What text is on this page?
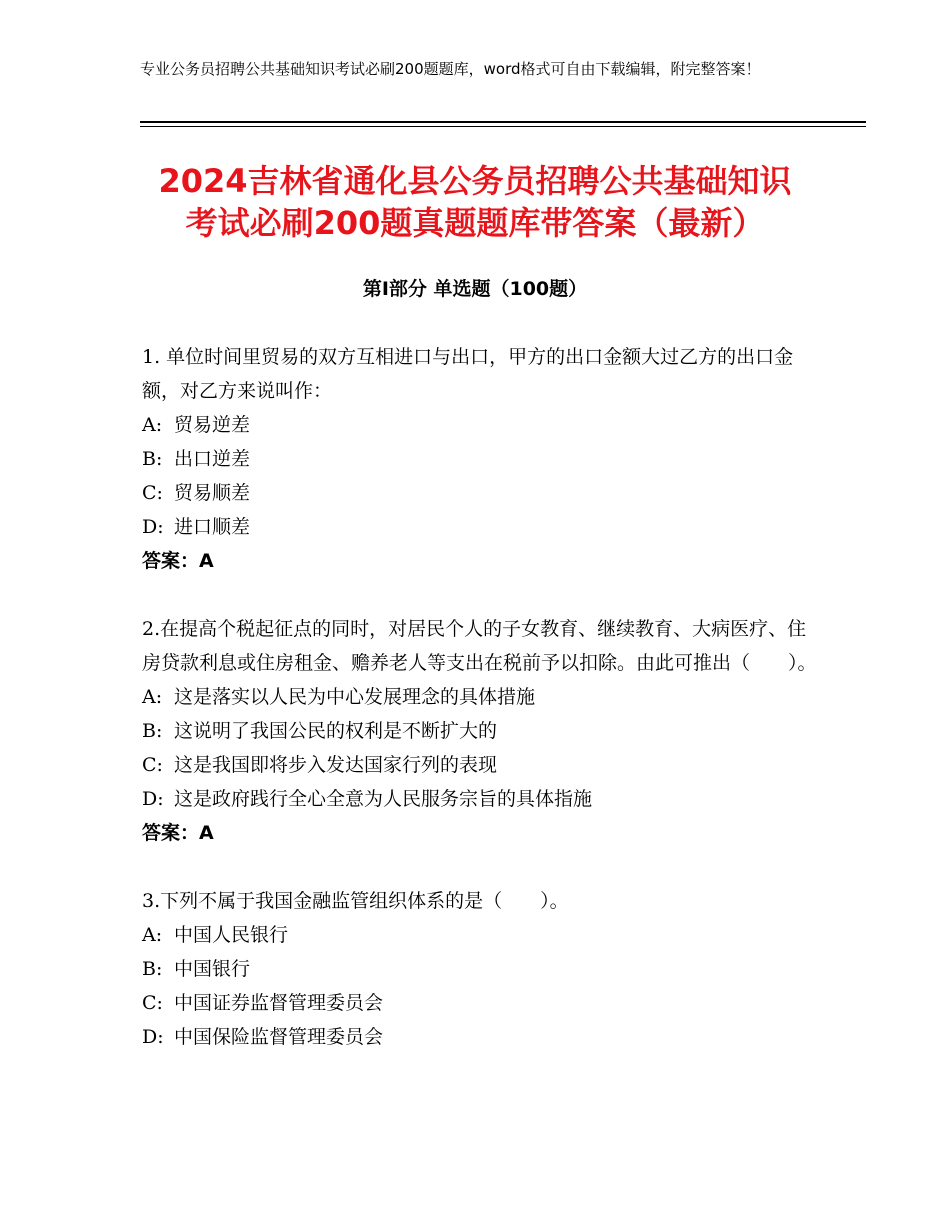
专业公务员招聘公共基础知识考试必刷200题题库，word格式可自由下载编辑，附完整答案！
2024吉林省通化县公务员招聘公共基础知识
考试必刷200题真题题库带答案（最新）
第Ⅰ部分 单选题（100题）

1. 单位时间里贸易的双方互相进口与出口，甲方的出口金额大过乙方的出口金额，对乙方来说叫作：

A: 贸易逆差

B: 出口逆差

C: 贸易顺差

D: 进口顺差

答案：A

2.在提高个税起征点的同时，对居民个人的子女教育、继续教育、大病医疗、住房贷款利息或住房租金、赡养老人等支出在税前予以扣除。由此可推出（　　）。

A: 这是落实以人民为中心发展理念的具体措施

B: 这说明了我国公民的权利是不断扩大的

C: 这是我国即将步入发达国家行列的表现

D: 这是政府践行全心全意为人民服务宗旨的具体指施

答案：A

3.下列不属于我国金融监管组织体系的是（　　）。

A: 中国人民银行

B: 中国银行

C: 中国证券监督管理委员会

D: 中国保险监督管理委员会
